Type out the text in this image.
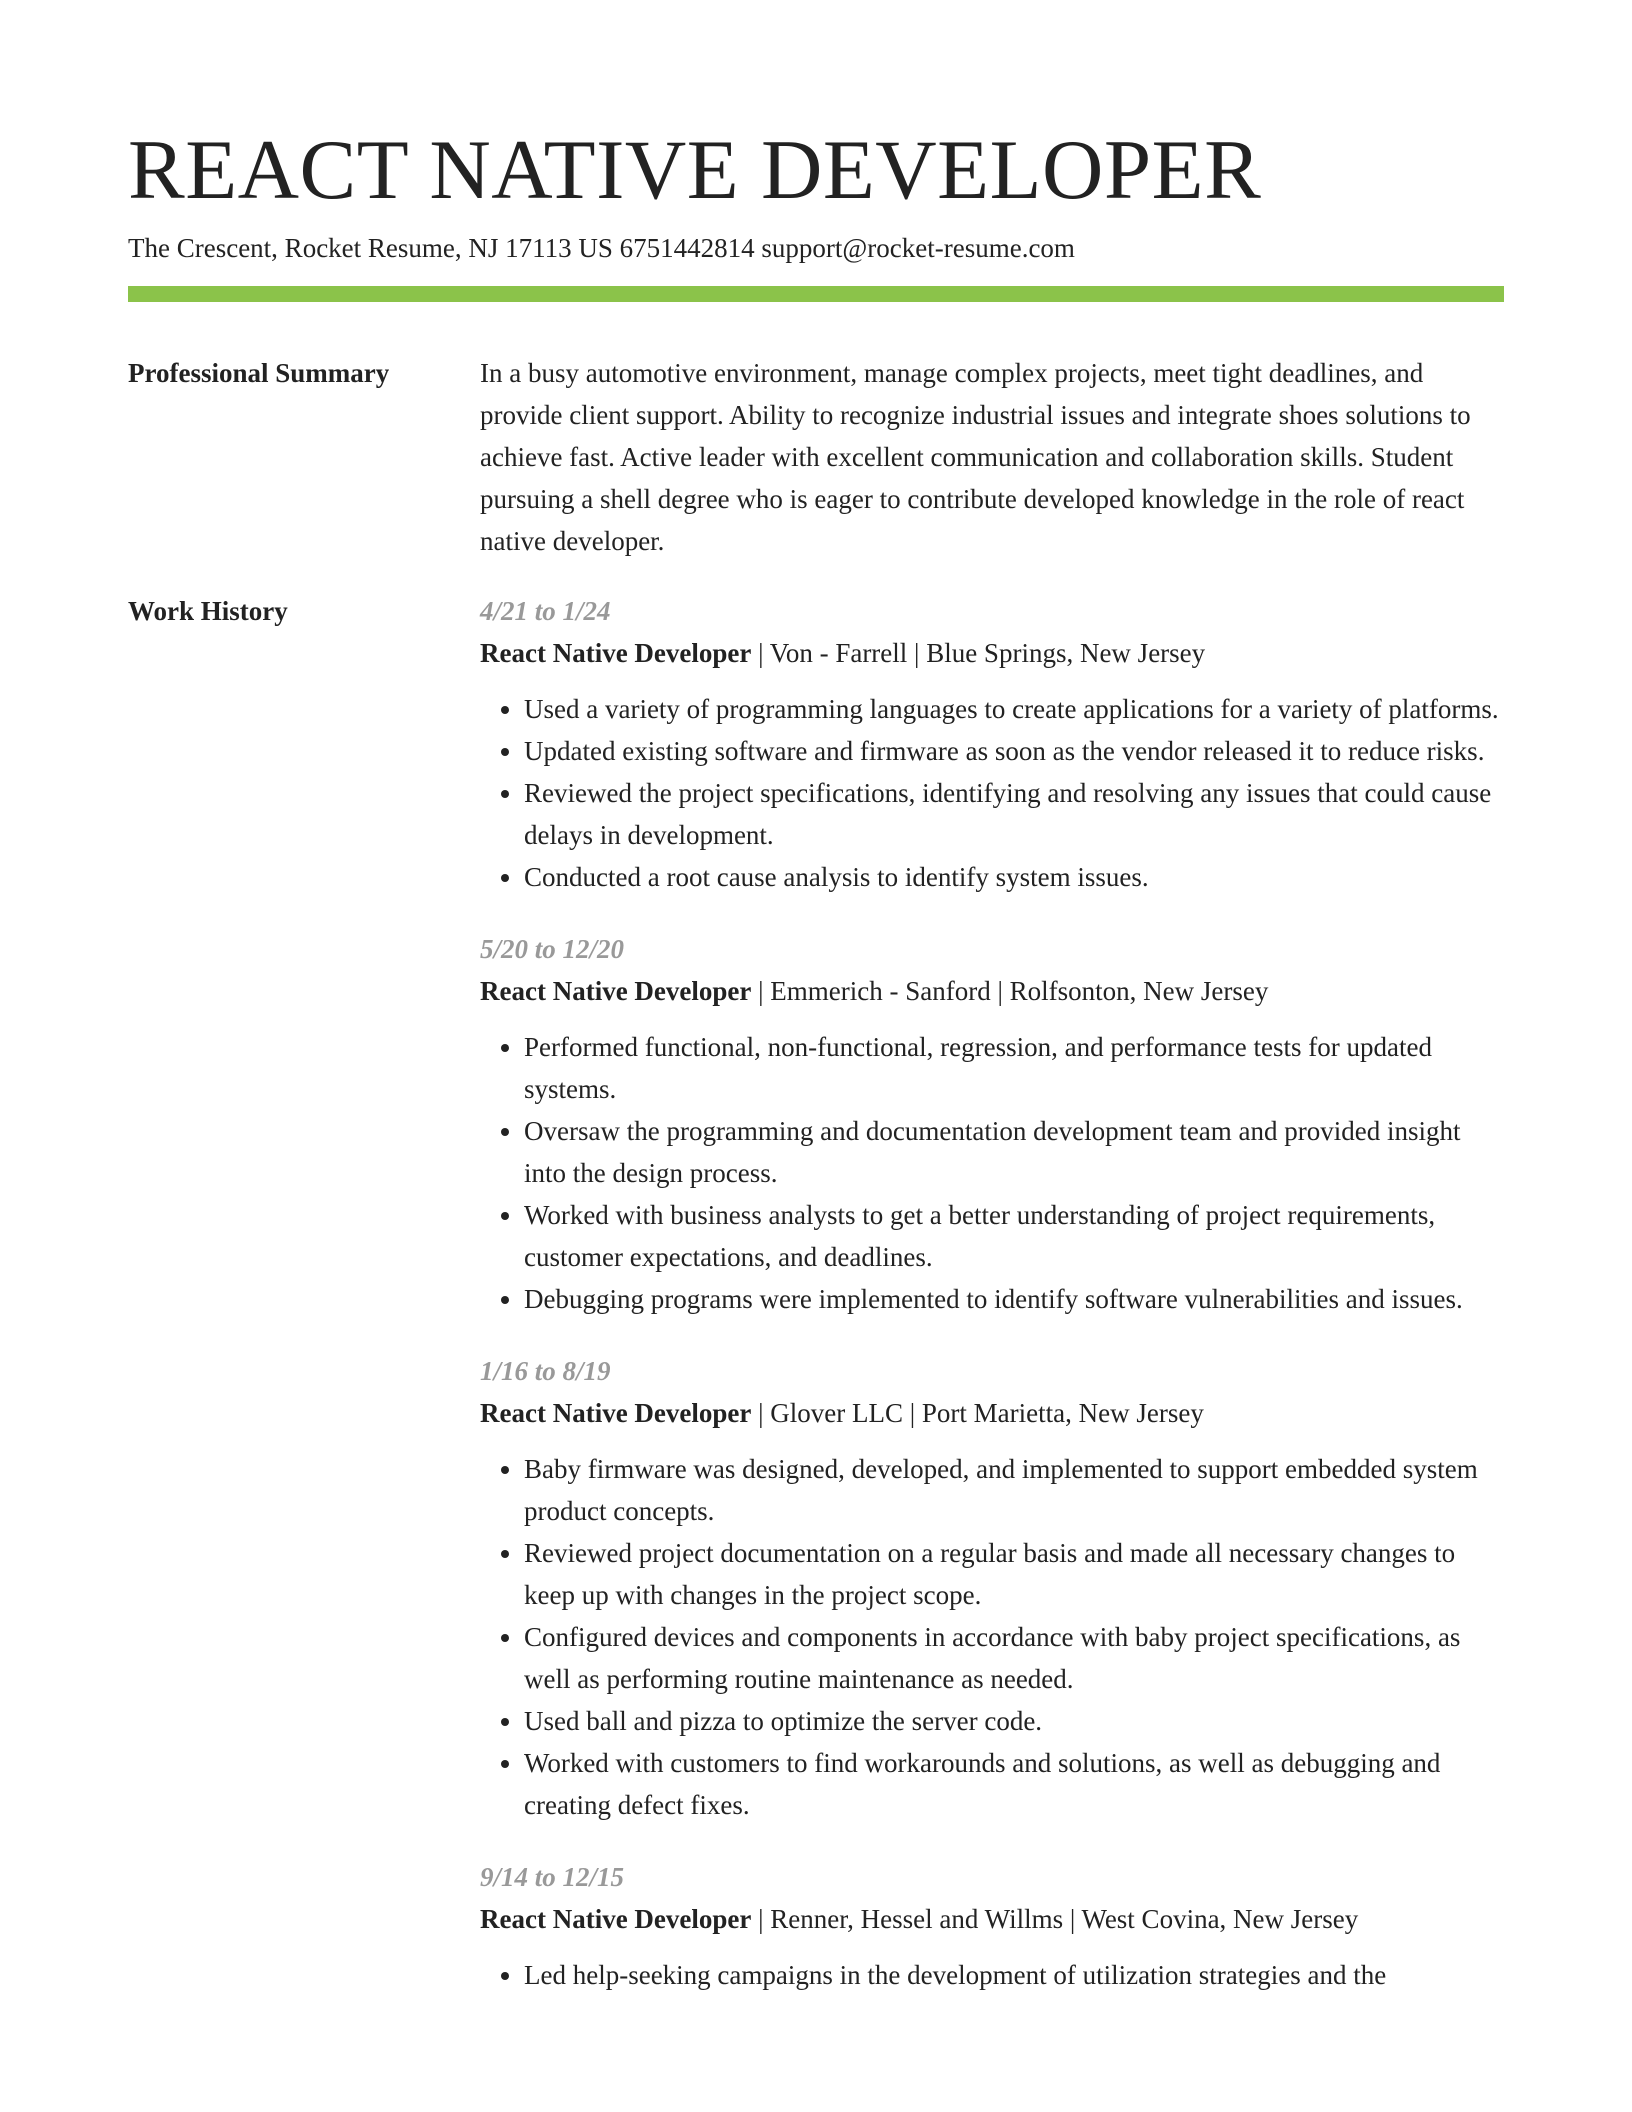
REACT NATIVE DEVELOPER
The Crescent, Rocket Resume, NJ 17113 US 6751442814 support@rocket-resume.com
Professional Summary	In a busy automotive environment, manage complex projects, meet tight deadlines, and provide client support. Ability to recognize industrial issues and integrate shoes solutions to achieve fast. Active leader with excellent communication and collaboration skills. Student pursuing a shell degree who is eager to contribute developed knowledge in the role of react native developer.
Work History	4/21 to 1/24
React Native Developer | Von - Farrell | Blue Springs, New Jersey
• Used a variety of programming languages to create applications for a variety of platforms.
• Updated existing software and firmware as soon as the vendor released it to reduce risks.
• Reviewed the project specifications, identifying and resolving any issues that could cause delays in development.
• Conducted a root cause analysis to identify system issues.
5/20 to 12/20
React Native Developer | Emmerich - Sanford | Rolfsonton, New Jersey
• Performed functional, non-functional, regression, and performance tests for updated systems.
• Oversaw the programming and documentation development team and provided insight into the design process.
• Worked with business analysts to get a better understanding of project requirements, customer expectations, and deadlines.
• Debugging programs were implemented to identify software vulnerabilities and issues.
1/16 to 8/19
React Native Developer | Glover LLC | Port Marietta, New Jersey
• Baby firmware was designed, developed, and implemented to support embedded system product concepts.
• Reviewed project documentation on a regular basis and made all necessary changes to keep up with changes in the project scope.
• Configured devices and components in accordance with baby project specifications, as well as performing routine maintenance as needed.
• Used ball and pizza to optimize the server code.
• Worked with customers to find workarounds and solutions, as well as debugging and creating defect fixes.
9/14 to 12/15
React Native Developer | Renner, Hessel and Willms | West Covina, New Jersey
• Led help-seeking campaigns in the development of utilization strategies and the
